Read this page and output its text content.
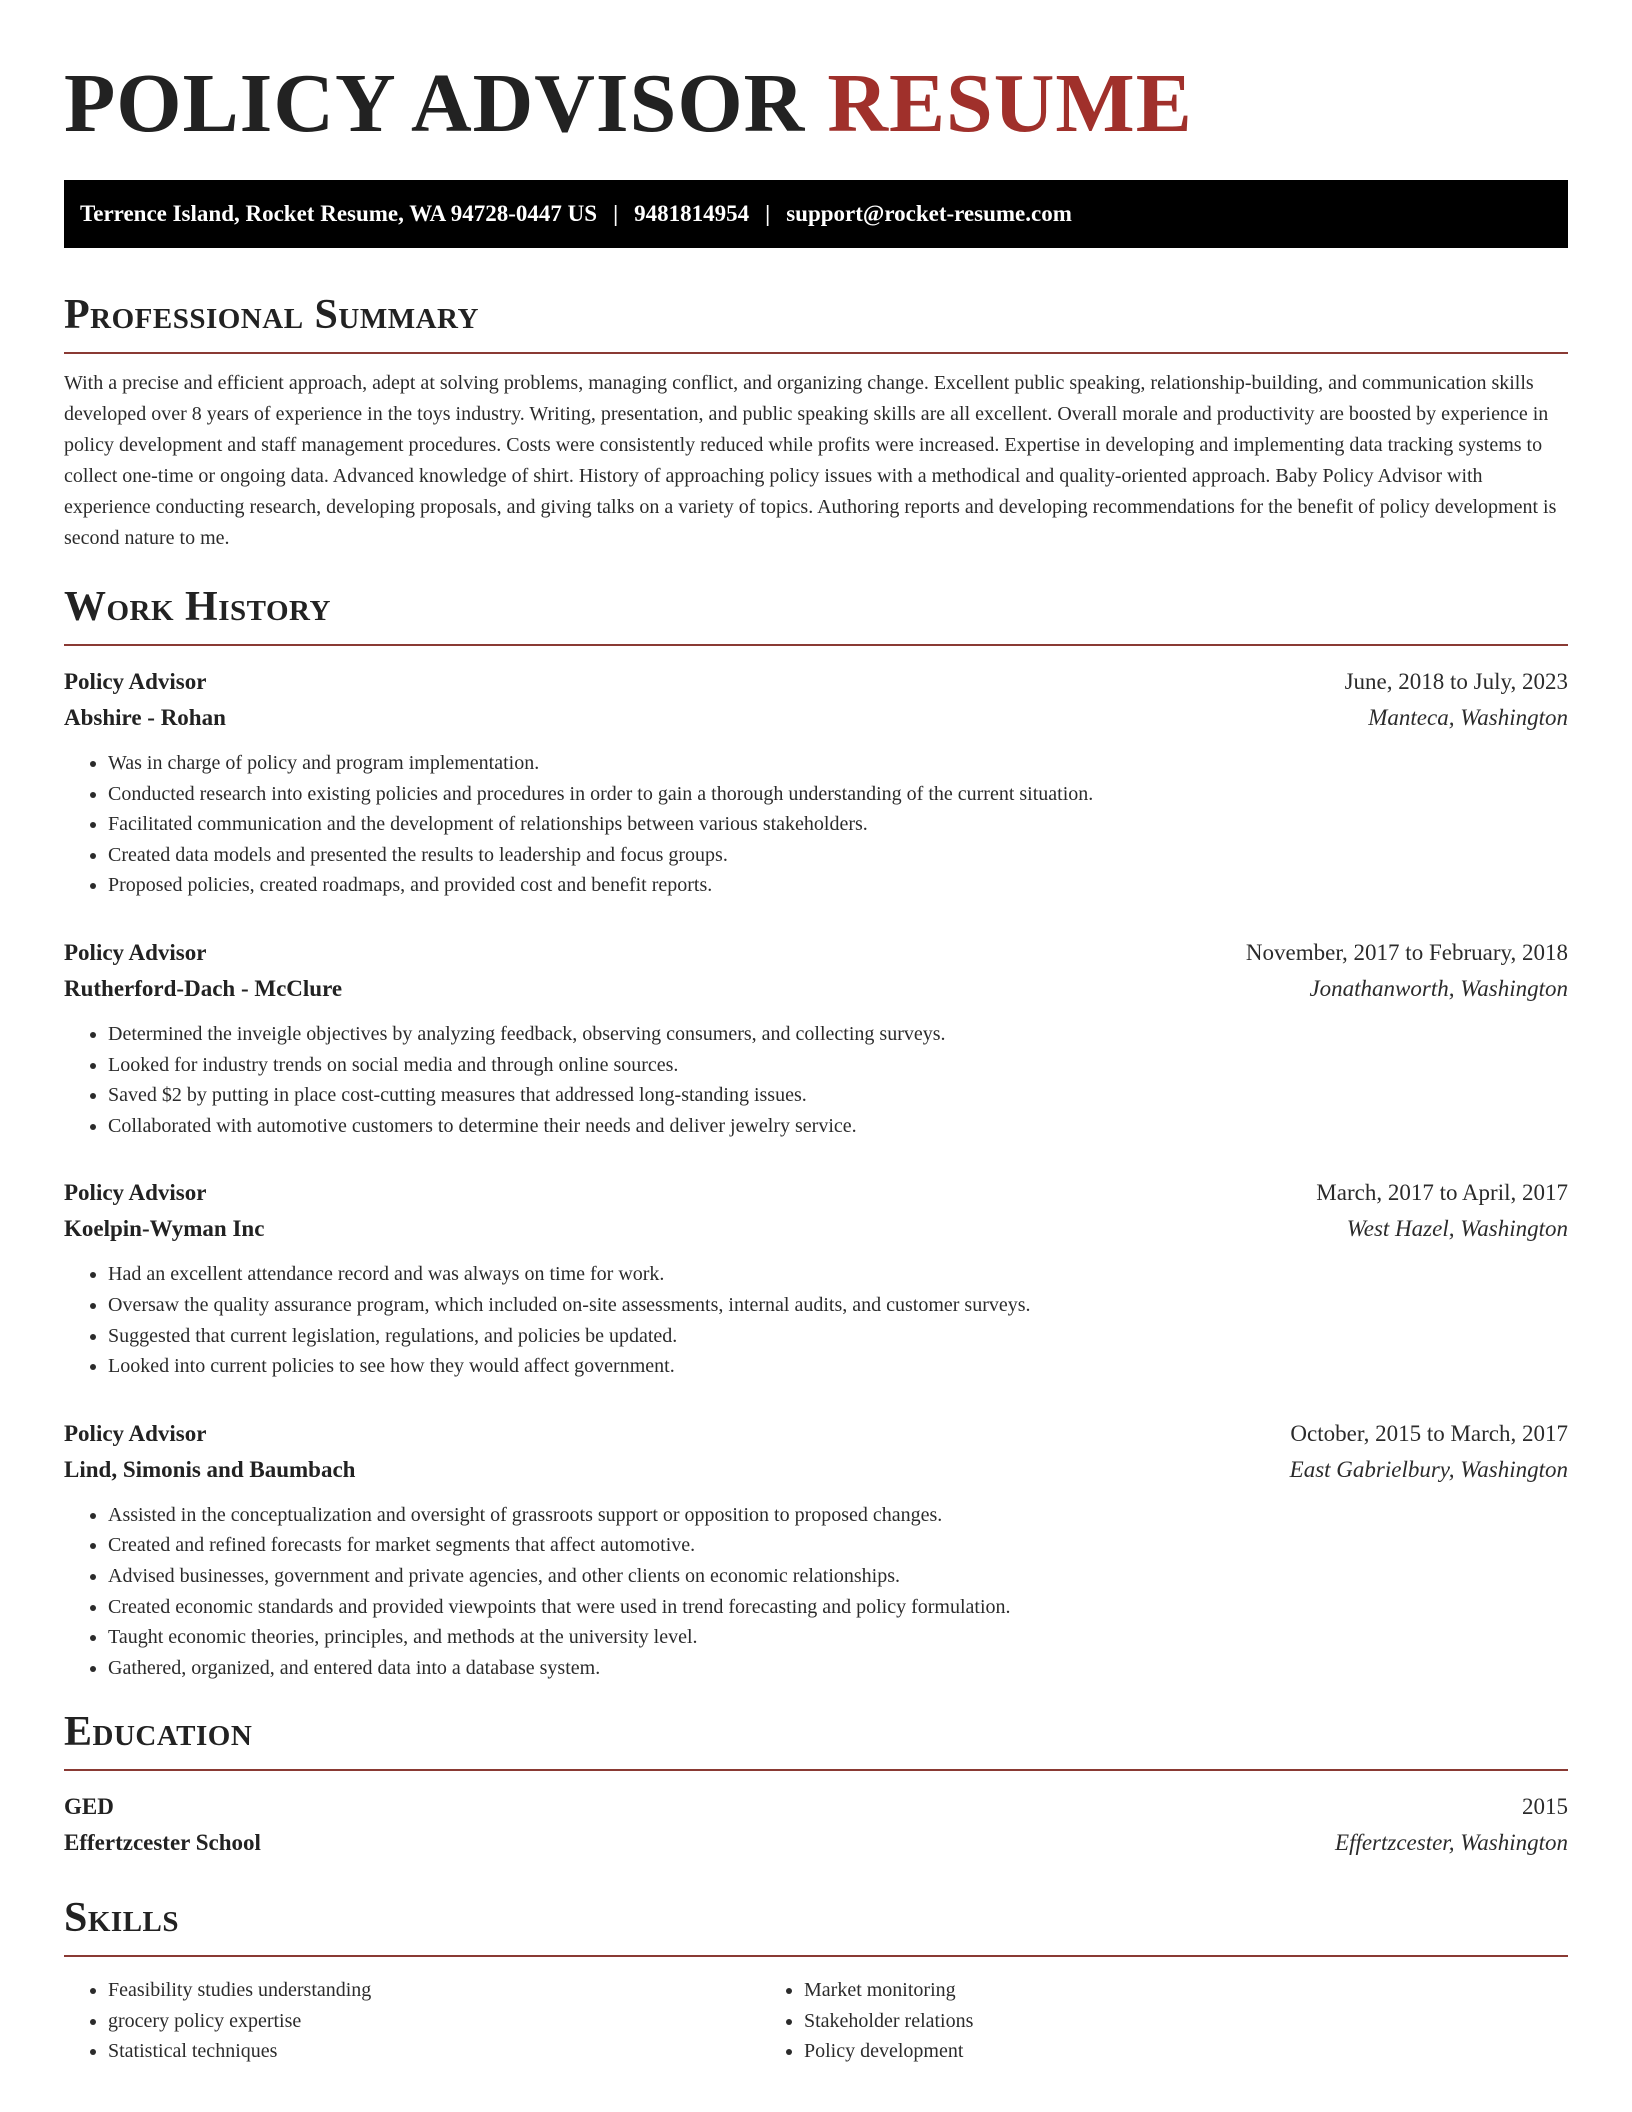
POLICY ADVISOR RESUME
Terrence Island, Rocket Resume, WA 94728-0447 US | 9481814954 | support@rocket-resume.com
Professional Summary

With a precise and efficient approach, adept at solving problems, managing conflict, and organizing change. Excellent public speaking, relationship-building, and communication skills developed over 8 years of experience in the toys industry. Writing, presentation, and public speaking skills are all excellent. Overall morale and productivity are boosted by experience in policy development and staff management procedures. Costs were consistently reduced while profits were increased. Expertise in developing and implementing data tracking systems to collect one-time or ongoing data. Advanced knowledge of shirt. History of approaching policy issues with a methodical and quality-oriented approach. Baby Policy Advisor with experience conducting research, developing proposals, and giving talks on a variety of topics. Authoring reports and developing recommendations for the benefit of policy development is second nature to me.

Work History
Policy Advisor	June, 2018 to July, 2023
Abshire - Rohan	Manteca, Washington
• Was in charge of policy and program implementation.
• Conducted research into existing policies and procedures in order to gain a thorough understanding of the current situation.
• Facilitated communication and the development of relationships between various stakeholders.
• Created data models and presented the results to leadership and focus groups.
• Proposed policies, created roadmaps, and provided cost and benefit reports.
Policy Advisor	November, 2017 to February, 2018
Rutherford-Dach - McClure	Jonathanworth, Washington
• Determined the inveigle objectives by analyzing feedback, observing consumers, and collecting surveys.
• Looked for industry trends on social media and through online sources.
• Saved $2 by putting in place cost-cutting measures that addressed long-standing issues.
• Collaborated with automotive customers to determine their needs and deliver jewelry service.
Policy Advisor	March, 2017 to April, 2017
Koelpin-Wyman Inc	West Hazel, Washington
• Had an excellent attendance record and was always on time for work.
• Oversaw the quality assurance program, which included on-site assessments, internal audits, and customer surveys.
• Suggested that current legislation, regulations, and policies be updated.
• Looked into current policies to see how they would affect government.
Policy Advisor	October, 2015 to March, 2017
Lind, Simonis and Baumbach	East Gabrielbury, Washington
• Assisted in the conceptualization and oversight of grassroots support or opposition to proposed changes.
• Created and refined forecasts for market segments that affect automotive.
• Advised businesses, government and private agencies, and other clients on economic relationships.
• Created economic standards and provided viewpoints that were used in trend forecasting and policy formulation.
• Taught economic theories, principles, and methods at the university level.
• Gathered, organized, and entered data into a database system.
Education
GED	2015
Effertzcester School	Effertzcester, Washington
Skills
• Feasibility studies understanding
• grocery policy expertise
• Statistical techniques
• Market monitoring
• Stakeholder relations
• Policy development
